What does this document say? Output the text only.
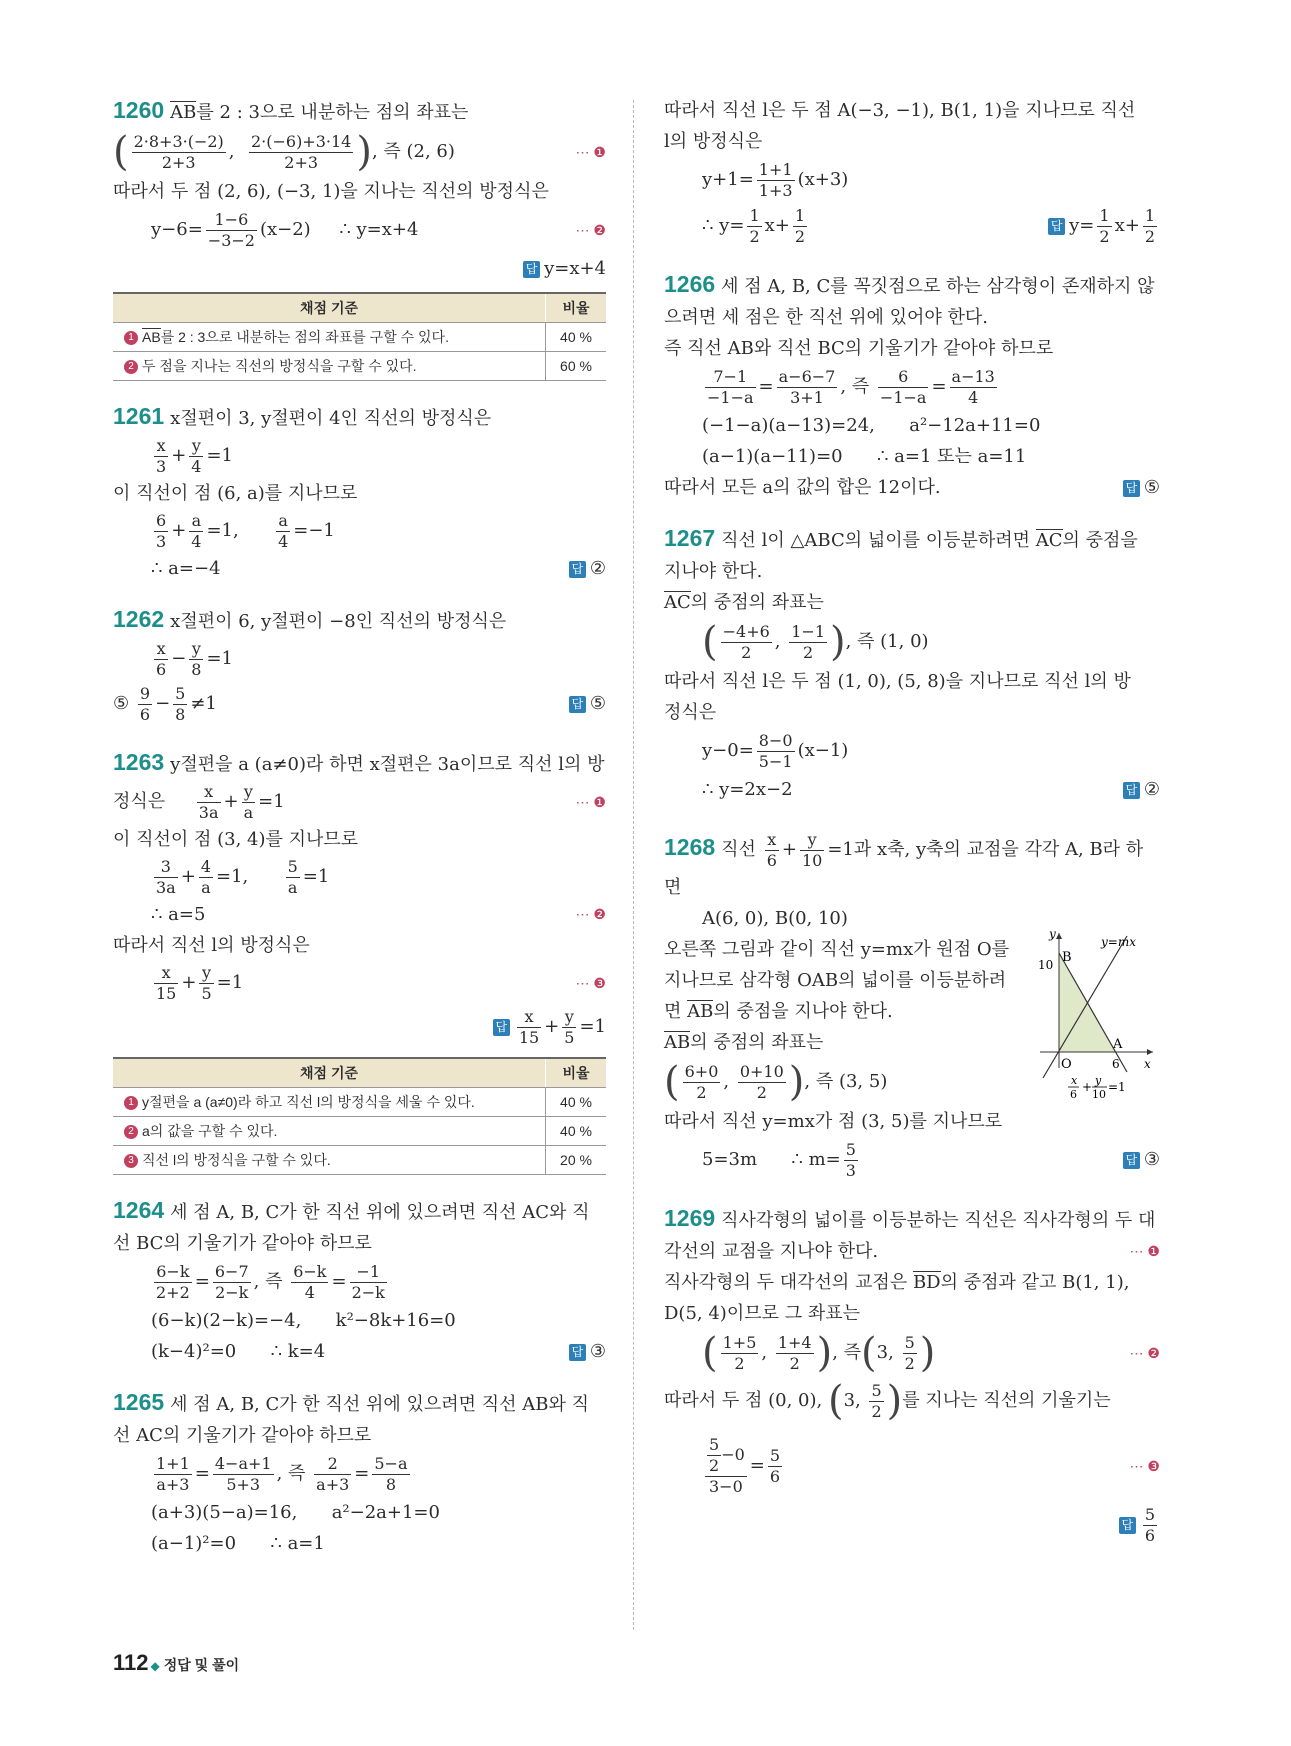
1260 AB를 2 : 3으로 내분하는 점의 좌표는
( $\frac{2\cdot 8+3\cdot(-2)}{2+3}$ , $\frac{2\cdot(-6)+3\cdot 14}{2+3}$ ), 즉 (2, 6)	⋯ ❶
따라서 두 점 (2, 6), (−3, 1)을 지나는 직선의 방정식은
$y-6= \frac{1-6}{-3-2} (x-2)$ ∴ y=x+4	⋯ ❷
답 y=x+4
채점 기준	비율
1 AB를 2 : 3으로 내분하는 점의 좌표를 구할 수 있다.	40 %
2 두 점을 지나는 직선의 방정식을 구할 수 있다.	60 %
1261 x절편이 3, y절편이 4인 직선의 방정식은
$\frac{x}{3} + \frac{y}{4} =1$
이 직선이 점 (6, a)를 지나므로
$\frac{6}{3} + \frac{a}{4} =1$, $\frac{a}{4} =-1$
∴ a=−4	답 ②
1262 x절편이 6, y절편이 −8인 직선의 방정식은
$\frac{x}{6} - \frac{y}{8} =1$
⑤ $\frac{9}{6} - \frac{5}{8} \ne 1$	답 ⑤
1263 y절편을 a (a≠0)라 하면 x절편은 3a이므로 직선 l의 방
정식은 $\frac{x}{3a} + \frac{y}{a} =1$	⋯ ❶
이 직선이 점 (3, 4)를 지나므로
$\frac{3}{3a} + \frac{4}{a} =1$, $\frac{5}{a} =1$
∴ a=5	⋯ ❷
따라서 직선 l의 방정식은
$\frac{x}{15} + \frac{y}{5} =1$	⋯ ❸
답 $\frac{x}{15} + \frac{y}{5} =1$
채점 기준	비율
1 y절편을 a (a≠0)라 하고 직선 l의 방정식을 세울 수 있다.	40 %
2 a의 값을 구할 수 있다.	40 %
3 직선 l의 방정식을 구할 수 있다.	20 %
1264 세 점 A, B, C가 한 직선 위에 있으려면 직선 AC와 직
선 BC의 기울기가 같아야 하므로
$\frac{6-k}{2+2} = \frac{6-7}{2-k}$ , 즉 $\frac{6-k}{4} = \frac{-1}{2-k}$
(6−k)(2−k)=−4, k²−8k+16=0
(k−4)²=0 ∴ k=4	답 ③
1265 세 점 A, B, C가 한 직선 위에 있으려면 직선 AB와 직
선 AC의 기울기가 같아야 하므로
$\frac{1+1}{a+3} = \frac{4-a+1}{5+3}$ , 즉 $\frac{2}{a+3} = \frac{5-a}{8}$
(a+3)(5−a)=16, a²−2a+1=0
(a−1)²=0 ∴ a=1
따라서 직선 l은 두 점 A(−3, −1), B(1, 1)을 지나므로 직선
l의 방정식은
$y+1= \frac{1+1}{1+3} (x+3)$
∴ $y= \frac{1}{2} x+ \frac{1}{2}$	답 $y= \frac{1}{2} x+ \frac{1}{2}$
1266 세 점 A, B, C를 꼭짓점으로 하는 삼각형이 존재하지 않
으려면 세 점은 한 직선 위에 있어야 한다.
즉 직선 AB와 직선 BC의 기울기가 같아야 하므로
$\frac{7-1}{-1-a} = \frac{a-6-7}{3+1}$ , 즉 $\frac{6}{-1-a} = \frac{a-13}{4}$
(−1−a)(a−13)=24, a²−12a+11=0
(a−1)(a−11)=0 ∴ a=1 또는 a=11
따라서 모든 a의 값의 합은 12이다.	답 ⑤
1267 직선 l이 △ABC의 넓이를 이등분하려면 AC의 중점을
지나야 한다.
AC의 중점의 좌표는
( $\frac{-4+6}{2}$ , $\frac{1-1}{2}$ ), 즉 (1, 0)
따라서 직선 l은 두 점 (1, 0), (5, 8)을 지나므로 직선 l의 방
정식은
$y-0= \frac{8-0}{5-1} (x-1)$
∴ y=2x−2	답 ②
1268 직선 $\frac{x}{6} + \frac{y}{10} =1$과 x축, y축의 교점을 각각 A, B라 하
면
A(6, 0), B(0, 10)
오른쪽 그림과 같이 직선 y=mx가 원점 O를
지나므로 삼각형 OAB의 넓이를 이등분하려
면 AB의 중점을 지나야 한다.
AB의 중점의 좌표는
( $\frac{6+0}{2}$ , $\frac{0+10}{2}$ ), 즉 (3, 5)
따라서 직선 y=mx가 점 (3, 5)를 지나므로
5=3m ∴ $m= \frac{5}{3}$	답 ③
y
x
B
A
O
10
6
y=mx
x
6
+ y
10
=1
1269 직사각형의 넓이를 이등분하는 직선은 직사각형의 두 대
각선의 교점을 지나야 한다.	⋯ ❶
직사각형의 두 대각선의 교점은 BD의 중점과 같고 B(1, 1),
D(5, 4)이므로 그 좌표는
( $\frac{1+5}{2}$ , $\frac{1+4}{2}$ ), 즉(3, $\frac{5}{2}$ )	⋯ ❷
따라서 두 점 (0, 0), (3, $\frac{5}{2}$ )를 지나는 직선의 기울기는
$\frac{\frac{5}{2} -0}{3-0} = \frac{5}{6}$	⋯ ❸
답 $\frac{5}{6}$
112 ◆ 정답 및 풀이
